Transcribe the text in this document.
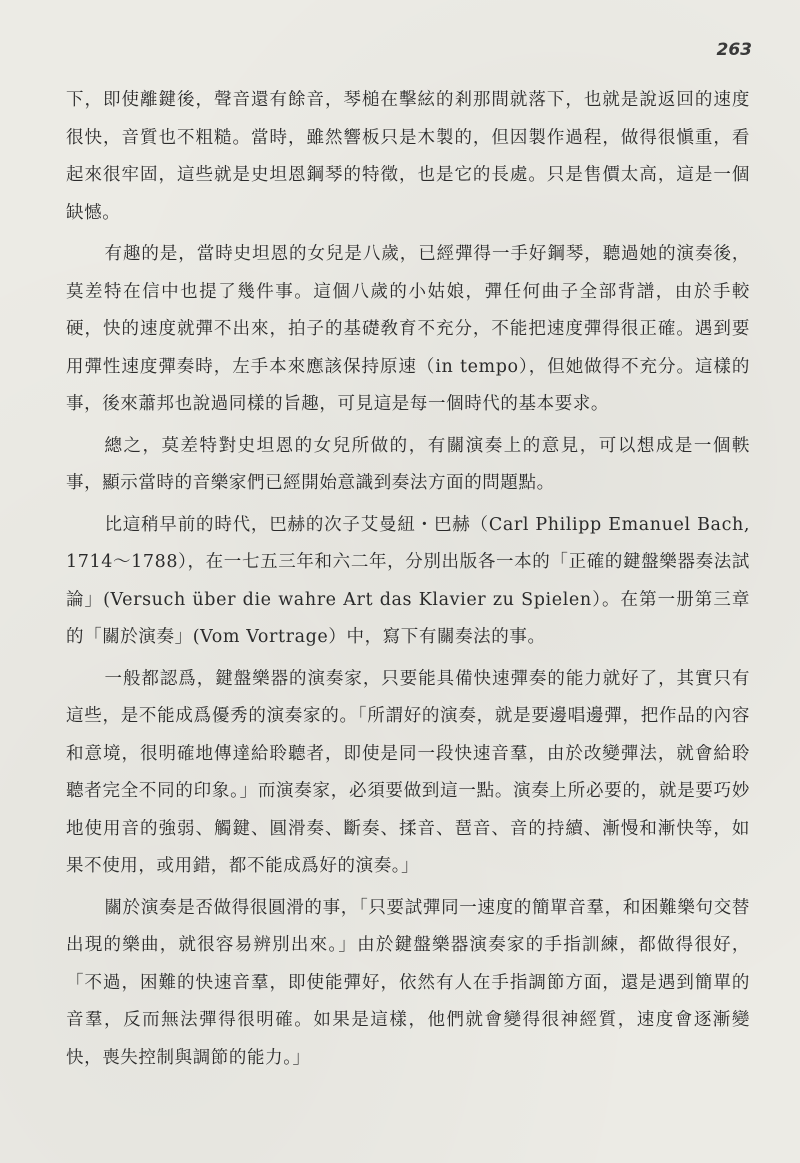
263

下，即使離鍵後，聲音還有餘音，琴槌在擊絃的剎那間就落下，也就是說返回的速度很快，音質也不粗糙。當時，雖然響板只是木製的，但因製作過程，做得很愼重，看起來很牢固，這些就是史坦恩鋼琴的特徵，也是它的長處。只是售價太高，這是一個缺憾。

有趣的是，當時史坦恩的女兒是八歲，已經彈得一手好鋼琴，聽過她的演奏後，莫差特在信中也提了幾件事。這個八歲的小姑娘，彈任何曲子全部背譜，由於手較硬，快的速度就彈不出來，拍子的基礎敎育不充分，不能把速度彈得很正確。遇到要用彈性速度彈奏時，左手本來應該保持原速（in tempo），但她做得不充分。這樣的事，後來蕭邦也說過同樣的旨趣，可見這是每一個時代的基本要求。

總之，莫差特對史坦恩的女兒所做的，有關演奏上的意見，可以想成是一個軼事，顯示當時的音樂家們已經開始意識到奏法方面的問題點。

比這稍早前的時代，巴赫的次子艾曼紐・巴赫（Carl Philipp Emanuel Bach, 1714～1788），在一七五三年和六二年，分別出版各一本的「正確的鍵盤樂器奏法試論」(Versuch über die wahre Art das Klavier zu Spielen）。在第一册第三章的「關於演奏」(Vom Vortrage）中，寫下有關奏法的事。

一般都認爲，鍵盤樂器的演奏家，只要能具備快速彈奏的能力就好了，其實只有這些，是不能成爲優秀的演奏家的。「所謂好的演奏，就是要邊唱邊彈，把作品的內容和意境，很明確地傳達給聆聽者，即使是同一段快速音羣，由於改變彈法，就會給聆聽者完全不同的印象。」而演奏家，必須要做到這一點。演奏上所必要的，就是要巧妙地使用音的強弱、觸鍵、圓滑奏、斷奏、揉音、琶音、音的持續、漸慢和漸快等，如果不使用，或用錯，都不能成爲好的演奏。」

關於演奏是否做得很圓滑的事，「只要試彈同一速度的簡單音羣，和困難樂句交替出現的樂曲，就很容易辨別出來。」由於鍵盤樂器演奏家的手指訓練，都做得很好，「不過，困難的快速音羣，即使能彈好，依然有人在手指調節方面，還是遇到簡單的音羣，反而無法彈得很明確。如果是這樣，他們就會變得很神經質，速度會逐漸變快，喪失控制與調節的能力。」
